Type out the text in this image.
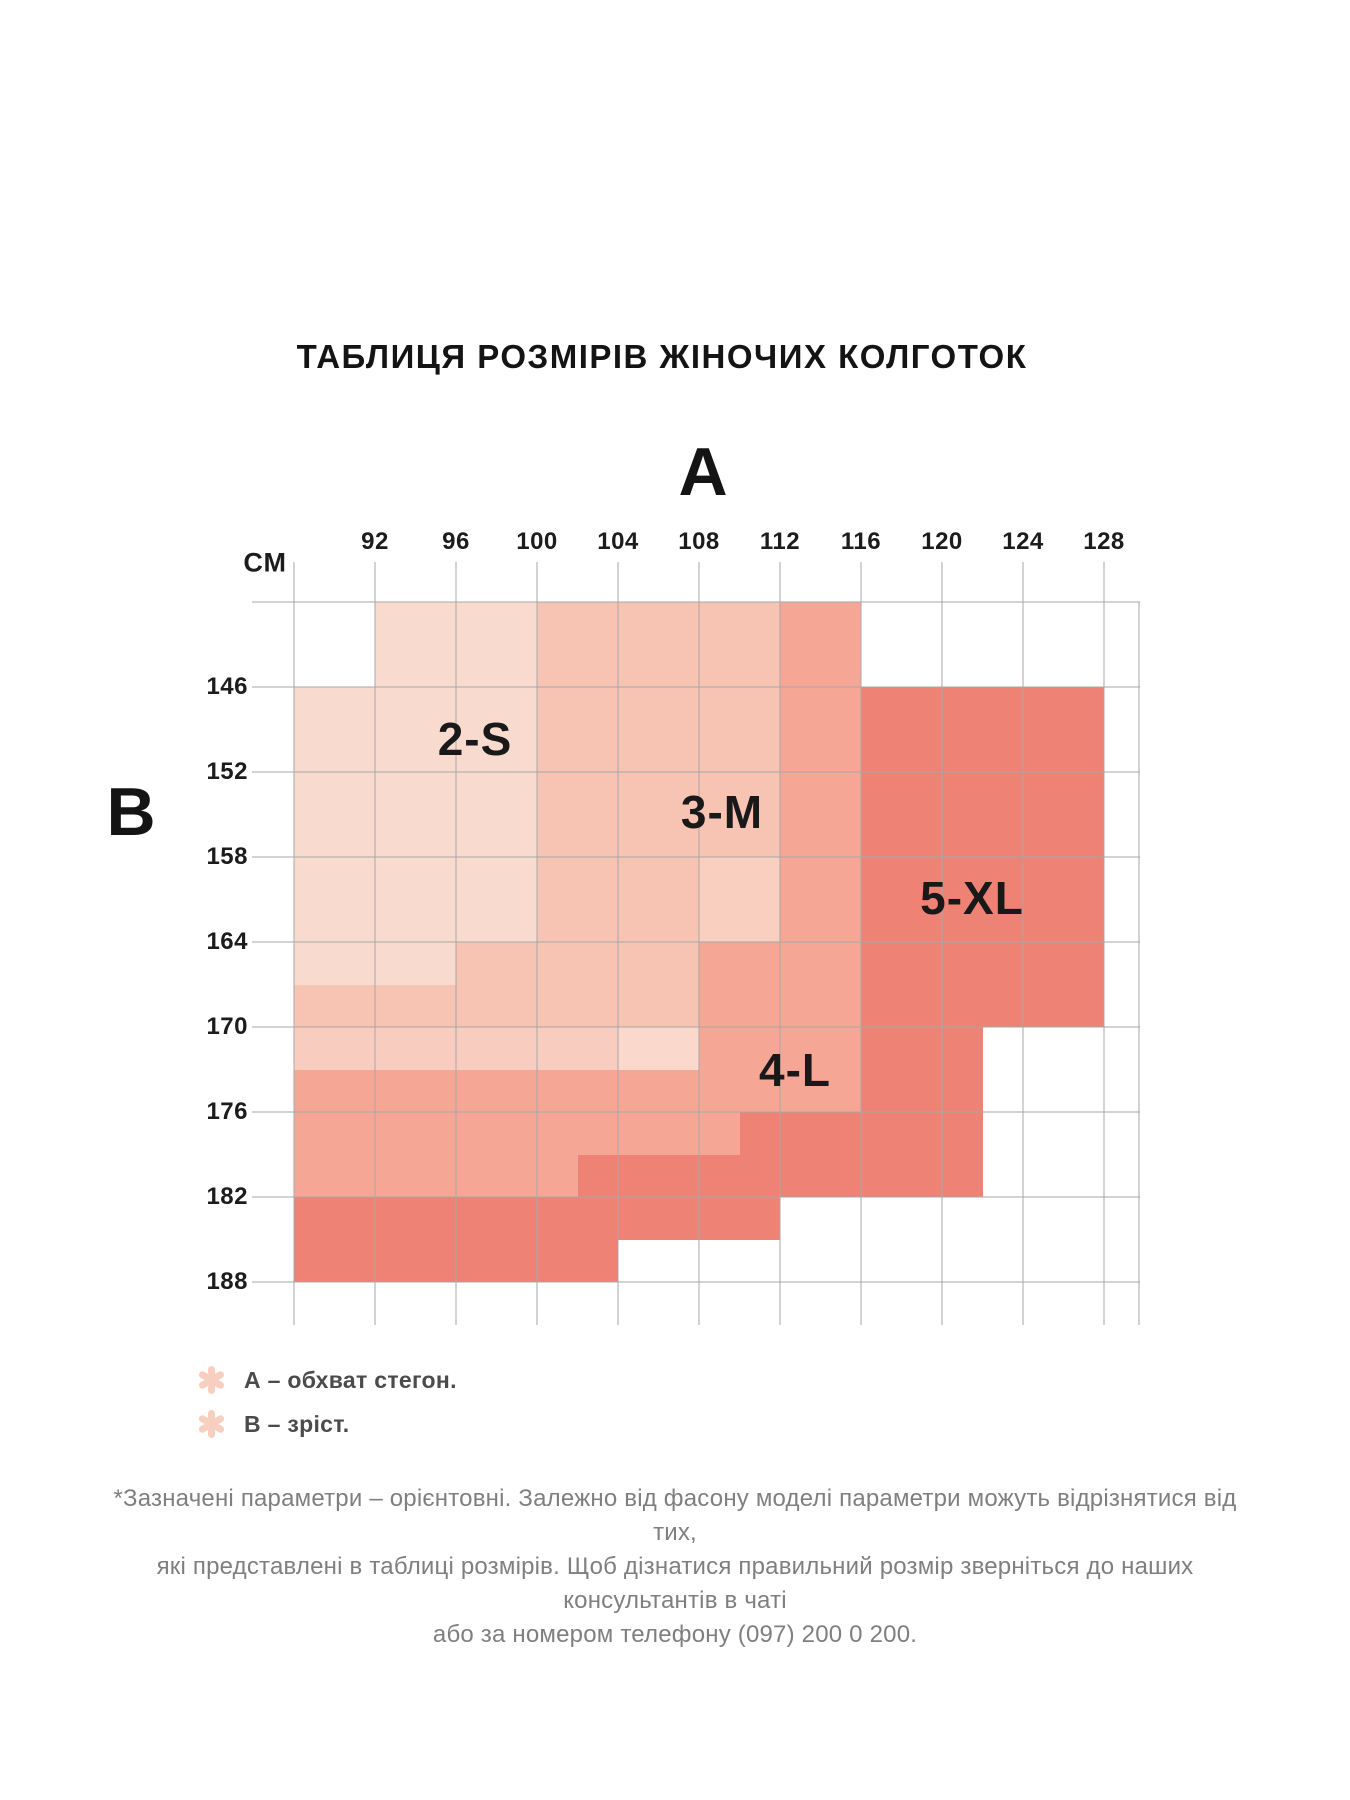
ТАБЛИЦЯ РОЗМІРІВ ЖІНОЧИХ КОЛГОТОК
А
В
СМ
92 96 100 104 108 112 116 120 124 128
146
152
158
164
170
176
182
188
2-S
3-M
4-L
5-XL
А – обхват стегон.
В – зріст.
*Зазначені параметри – орієнтовні. Залежно від фасону моделі параметри можуть відрізнятися від тих,
які представлені в таблиці розмірів. Щоб дізнатися правильний розмір зверніться до наших консультантів в чаті
або за номером телефону (097) 200 0 200.
